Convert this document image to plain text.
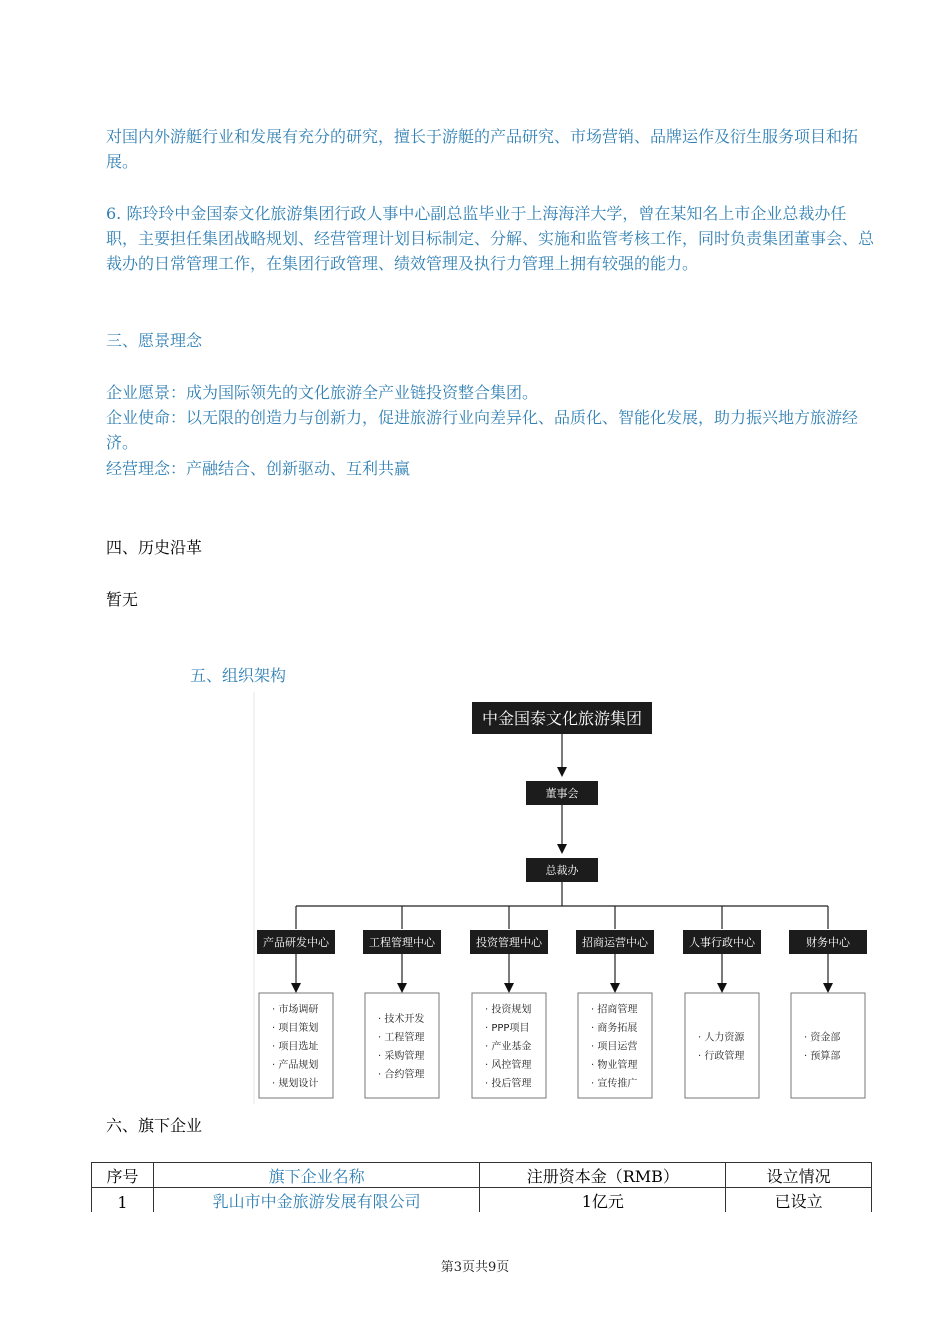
对国内外游艇行业和发展有充分的研究，擅长于游艇的产品研究、市场营销、品牌运作及衍生服务项目和拓展。
6. 陈玲玲中金国泰文化旅游集团行政人事中心副总监毕业于上海海洋大学，曾在某知名上市企业总裁办任职，主要担任集团战略规划、经营管理计划目标制定、分解、实施和监管考核工作，同时负责集团董事会、总裁办的日常管理工作，在集团行政管理、绩效管理及执行力管理上拥有较强的能力。
三、愿景理念
企业愿景：成为国际领先的文化旅游全产业链投资整合集团。
企业使命：以无限的创造力与创新力，促进旅游行业向差异化、品质化、智能化发展，助力振兴地方旅游经济。
经营理念：产融结合、创新驱动、互利共赢
四、历史沿革
暂无
五、组织架构
中金国泰文化旅游集团
董事会
总裁办
产品研发中心
· 市场调研
· 项目策划
· 项目选址
· 产品规划
· 规划设计
工程管理中心
· 技术开发
· 工程管理
· 采购管理
· 合约管理
投资管理中心
· 投资规划
· PPP项目
· 产业基金
· 风控管理
· 投后管理
招商运营中心
· 招商管理
· 商务拓展
· 项目运营
· 物业管理
· 宣传推广
人事行政中心
· 人力资源
· 行政管理
财务中心
· 资金部
· 预算部
六、旗下企业
序号	旗下企业名称	注册资本金（RMB）	设立情况
1	乳山市中金旅游发展有限公司	1亿元	已设立
第3页共9页
